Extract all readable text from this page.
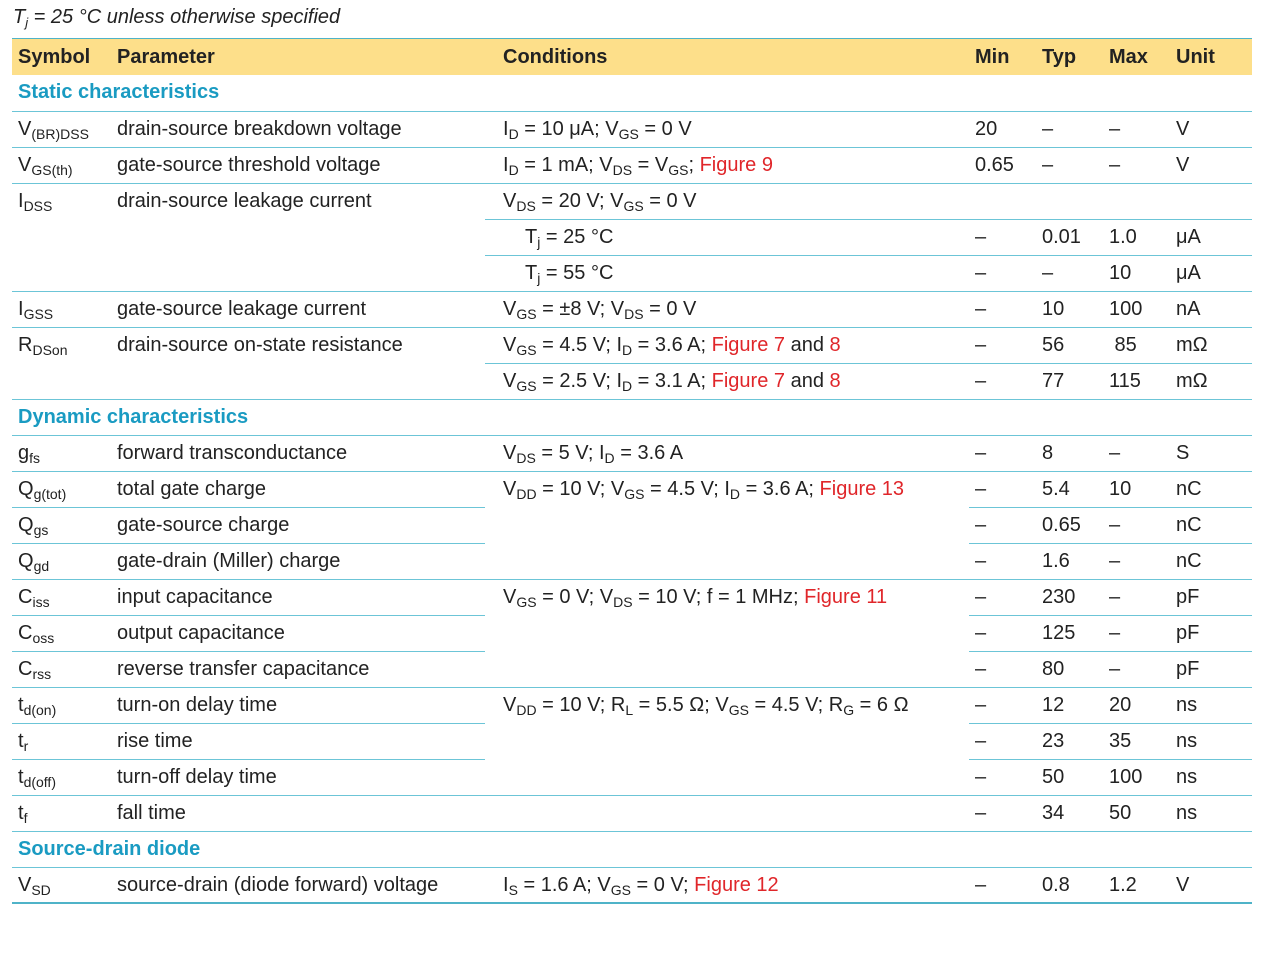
$T_j = 25$ °C unless otherwise specified
Symbol	Parameter	Conditions	Min	Typ	Max	Unit
Static characteristics						
$V_{(BR)DSS}$	drain-source breakdown voltage	$I_D = 10$ μA; $V_{GS} = 0$ V	20	–	–	V
$V_{GS(th)}$	gate-source threshold voltage	$I_D = 1$ mA; $V_{DS} = V_{GS}$; Figure 9	0.65	–	–	V
$I_{DSS}$	drain-source leakage current	$V_{DS} = 20$ V; $V_{GS} = 0$ V				
		$T_j = 25$ °C	–	0.01	1.0	μA
		$T_j = 55$ °C	–	–	10	μA
$I_{GSS}$	gate-source leakage current	$V_{GS} = \pm 8$ V; $V_{DS} = 0$ V	–	10	100	nA
$R_{DSon}$	drain-source on-state resistance	$V_{GS} = 4.5$ V; $I_D = 3.6$ A; Figure 7 and 8	–	56	85	mΩ
		$V_{GS} = 2.5$ V; $I_D = 3.1$ A; Figure 7 and 8	–	77	115	mΩ
Dynamic characteristics						
$g_{fs}$	forward transconductance	$V_{DS} = 5$ V; $I_D = 3.6$ A	–	8	–	S
$Q_{g(tot)}$	total gate charge	$V_{DD} = 10$ V; $V_{GS} = 4.5$ V; $I_D = 3.6$ A; Figure 13	–	5.4	10	nC
$Q_{gs}$	gate-source charge		–	0.65	–	nC
$Q_{gd}$	gate-drain (Miller) charge		–	1.6	–	nC
$C_{iss}$	input capacitance	$V_{GS} = 0$ V; $V_{DS} = 10$ V; f = 1 MHz; Figure 11	–	230	–	pF
$C_{oss}$	output capacitance		–	125	–	pF
$C_{rss}$	reverse transfer capacitance		–	80	–	pF
$t_{d(on)}$	turn-on delay time	$V_{DD} = 10$ V; $R_L = 5.5$ Ω; $V_{GS} = 4.5$ V; $R_G = 6$ Ω	–	12	20	ns
$t_r$	rise time		–	23	35	ns
$t_{d(off)}$	turn-off delay time		–	50	100	ns
$t_f$	fall time		–	34	50	ns
Source-drain diode						
$V_{SD}$	source-drain (diode forward) voltage	$I_S = 1.6$ A; $V_{GS} = 0$ V; Figure 12	–	0.8	1.2	V
